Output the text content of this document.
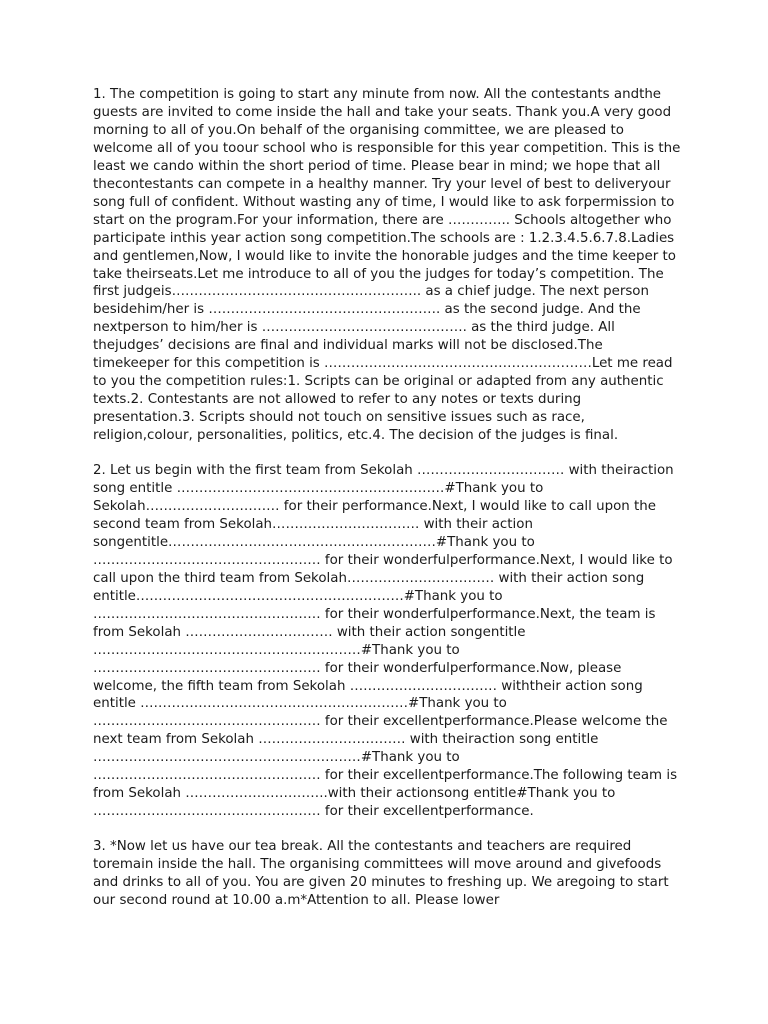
1. The competition is going to start any minute from now. All the contestants andthe guests are invited to come inside the hall and take your seats. Thank you.A very good morning to all of you.On behalf of the organising committee, we are pleased to welcome all of you toour school who is responsible for this year competition. This is the least we cando within the short period of time. Please bear in mind; we hope that all thecontestants can compete in a healthy manner. Try your level of best to deliveryour song full of confident. Without wasting any of time, I would like to ask forpermission to start on the program.For your information, there are ………….. Schools altogether who participate inthis year action song competition.The schools are : 1.2.3.4.5.6.7.8.Ladies and gentlemen,Now, I would like to invite the honorable judges and the time keeper to take theirseats.Let me introduce to all of you the judges for today’s competition. The first judgeis……………………………………………….. as a chief judge. The next person besidehim/her is ……………………………………………. as the second judge. And the nextperson to him/her is ………………………………………. as the third judge. All thejudges’ decisions are final and individual marks will not be disclosed.The timekeeper for this competition is ……………………………………………………Let me read to you the competition rules:1. Scripts can be original or adapted from any authentic texts.2. Contestants are not allowed to refer to any notes or texts during presentation.3. Scripts should not touch on sensitive issues such as race, religion,colour, personalities, politics, etc.4. The decision of the judges is final.

2. Let us begin with the first team from Sekolah …………………………… with theiraction song entitle ……………………………………………………#Thank you to Sekolah………………………… for their performance.Next, I would like to call upon the second team from Sekolah…………………………… with their action songentitle……………………………………………………#Thank you to …………………………………………… for their wonderfulperformance.Next, I would like to call upon the third team from Sekolah…………………………… with their action song entitle……………………………………………………#Thank you to …………………………………………… for their wonderfulperformance.Next, the team is from Sekolah …………………………… with their action songentitle ……………………………………………………#Thank you to …………………………………………… for their wonderfulperformance.Now, please welcome, the fifth team from Sekolah …………………………… withtheir action song entitle ……………………………………………………#Thank you to …………………………………………… for their excellentperformance.Please welcome the next team from Sekolah …………………………… with theiraction song entitle ……………………………………………………#Thank you to …………………………………………… for their excellentperformance.The following team is from Sekolah …………………………..with their actionsong entitle#Thank you to …………………………………………… for their excellentperformance.

3. *Now let us have our tea break. All the contestants and teachers are required toremain inside the hall. The organising committees will move around and givefoods and drinks to all of you. You are given 20 minutes to freshing up. We aregoing to start our second round at 10.00 a.m*Attention to all. Please lower
